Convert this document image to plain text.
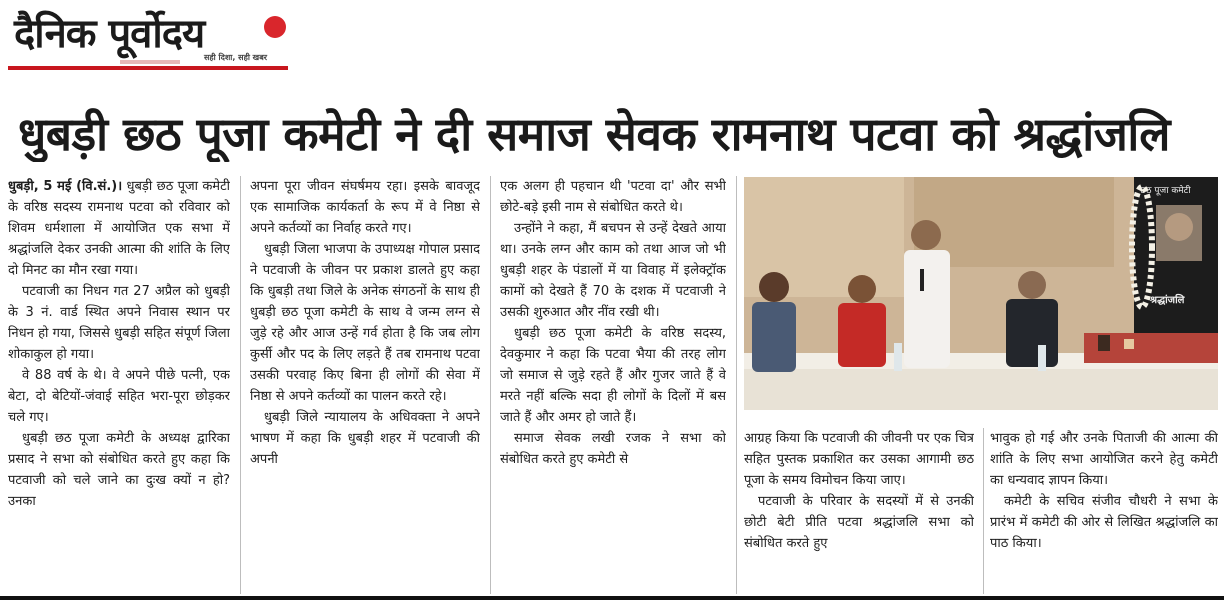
दैनिक पूर्वोदय
सही दिशा, सही खबर
धुबड़ी छठ पूजा कमेटी ने दी समाज सेवक रामनाथ पटवा को श्रद्धांजलि

धुबड़ी, 5 मई (वि.सं.)। धुबड़ी छठ पूजा कमेटी के वरिष्ठ सदस्य रामनाथ पटवा को रविवार को शिवम धर्मशाला में आयोजित एक सभा में श्रद्धांजलि देकर उनकी आत्मा की शांति के लिए दो मिनट का मौन रखा गया।

पटवाजी का निधन गत 27 अप्रैल को धुबड़ी के 3 नं. वार्ड स्थित अपने निवास स्थान पर निधन हो गया, जिससे धुबड़ी सहित संपूर्ण जिला शोकाकुल हो गया।

वे 88 वर्ष के थे। वे अपने पीछे पत्नी, एक बेटा, दो बेटियों-जंवाई सहित भरा-पूरा छोड़कर चले गए।

धुबड़ी छठ पूजा कमेटी के अध्यक्ष द्वारिका प्रसाद ने सभा को संबोधित करते हुए कहा कि पटवाजी को चले जाने का दुःख क्यों न हो? उनका

अपना पूरा जीवन संघर्षमय रहा। इसके बावजूद एक सामाजिक कार्यकर्ता के रूप में वे निष्ठा से अपने कर्तव्यों का निर्वाह करते गए।

धुबड़ी जिला भाजपा के उपाध्यक्ष गोपाल प्रसाद ने पटवाजी के जीवन पर प्रकाश डालते हुए कहा कि धुबड़ी तथा जिले के अनेक संगठनों के साथ ही धुबड़ी छठ पूजा कमेटी के साथ वे जन्म लग्न से जुड़े रहे और आज उन्हें गर्व होता है कि जब लोग कुर्सी और पद के लिए लड़ते हैं तब रामनाथ पटवा उसकी परवाह किए बिना ही लोगों की सेवा में निष्ठा से अपने कर्तव्यों का पालन करते रहे।

धुबड़ी जिले न्यायालय के अधिवक्ता ने अपने भाषण में कहा कि धुबड़ी शहर में पटवाजी की अपनी

एक अलग ही पहचान थी 'पटवा दा' और सभी छोटे-बड़े इसी नाम से संबोधित करते थे।

उन्होंने ने कहा, मैं बचपन से उन्हें देखते आया था। उनके लग्न और काम को तथा आज जो भी धुबड़ी शहर के पंडालों में या विवाह में इलेक्ट्रॉक कामों को देखते हैं 70 के दशक में पटवाजी ने उसकी शुरुआत और नींव रखी थी।

धुबड़ी छठ पूजा कमेटी के वरिष्ठ सदस्य, देवकुमार ने कहा कि पटवा भैया की तरह लोग जो समाज से जुड़े रहते हैं और गुजर जाते हैं वे मरते नहीं बल्कि सदा ही लोगों के दिलों में बस जाते हैं और अमर हो जाते हैं।

समाज सेवक लखी रजक ने सभा को संबोधित करते हुए कमेटी से

छठ पूजा कमेटी
श्रद्धांजलि

आग्रह किया कि पटवाजी की जीवनी पर एक चित्र सहित पुस्तक प्रकाशित कर उसका आगामी छठ पूजा के समय विमोचन किया जाए।

पटवाजी के परिवार के सदस्यों में से उनकी छोटी बेटी प्रीति पटवा श्रद्धांजलि सभा को संबोधित करते हुए

भावुक हो गई और उनके पिताजी की आत्मा की शांति के लिए सभा आयोजित करने हेतु कमेटी का धन्यवाद ज्ञापन किया।

कमेटी के सचिव संजीव चौधरी ने सभा के प्रारंभ में कमेटी की ओर से लिखित श्रद्धांजलि का पाठ किया।
